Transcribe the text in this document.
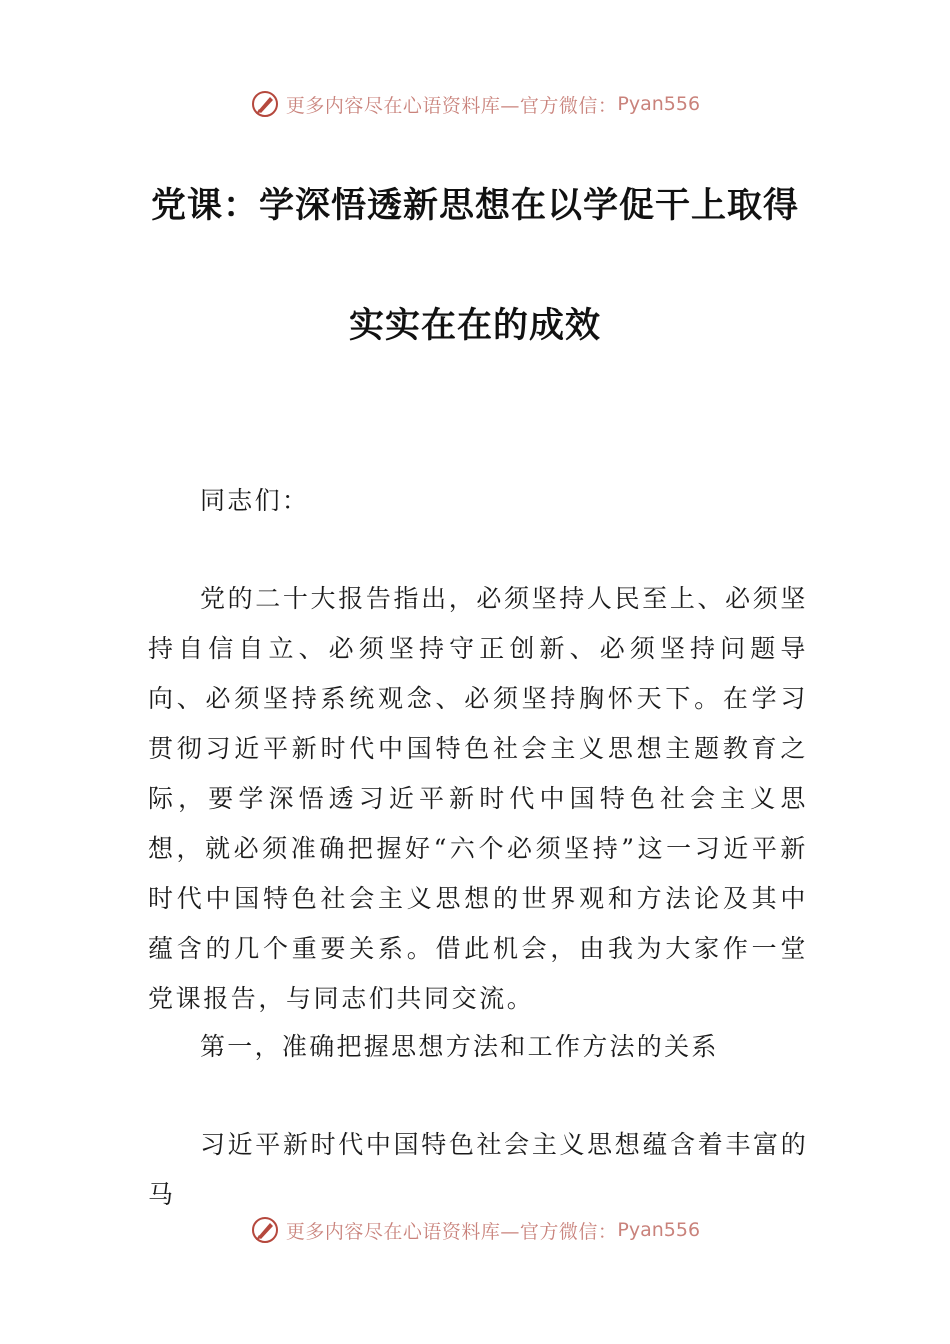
更多内容尽在心语资料库—官方微信： Pyan556
党课：学深悟透新思想在以学促干上取得
实实在在的成效
同志们：
党的二十大报告指出，必须坚持人民至上、必须坚持自信自立、必须坚持守正创新、必须坚持问题导向、必须坚持系统观念、必须坚持胸怀天下。在学习贯彻习近平新时代中国特色社会主义思想主题教育之际，要学深悟透习近平新时代中国特色社会主义思想，就必须准确把握好“六个必须坚持”这一习近平新时代中国特色社会主义思想的世界观和方法论及其中蕴含的几个重要关系。借此机会，由我为大家作一堂党课报告，与同志们共同交流。
第一，准确把握思想方法和工作方法的关系
习近平新时代中国特色社会主义思想蕴含着丰富的马
更多内容尽在心语资料库—官方微信： Pyan556
